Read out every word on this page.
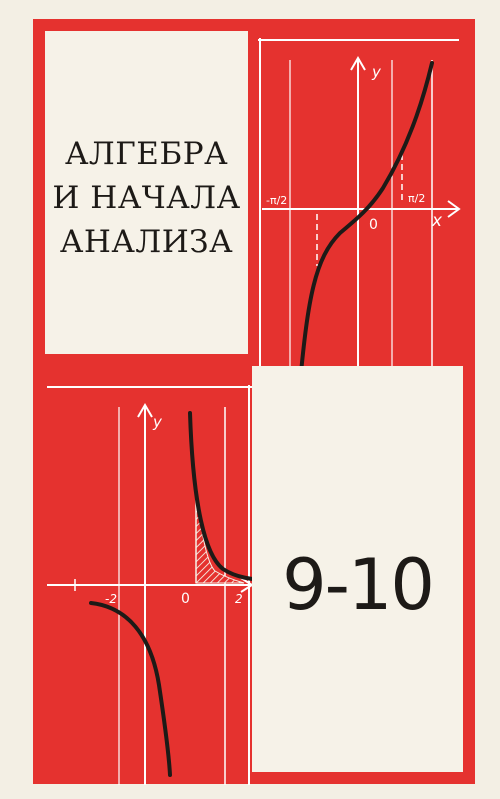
АЛГЕБРА
И НАЧАЛА
АНАЛИЗА
y
x
0
-π/2	π/2
y
0
-2	2 9-10
